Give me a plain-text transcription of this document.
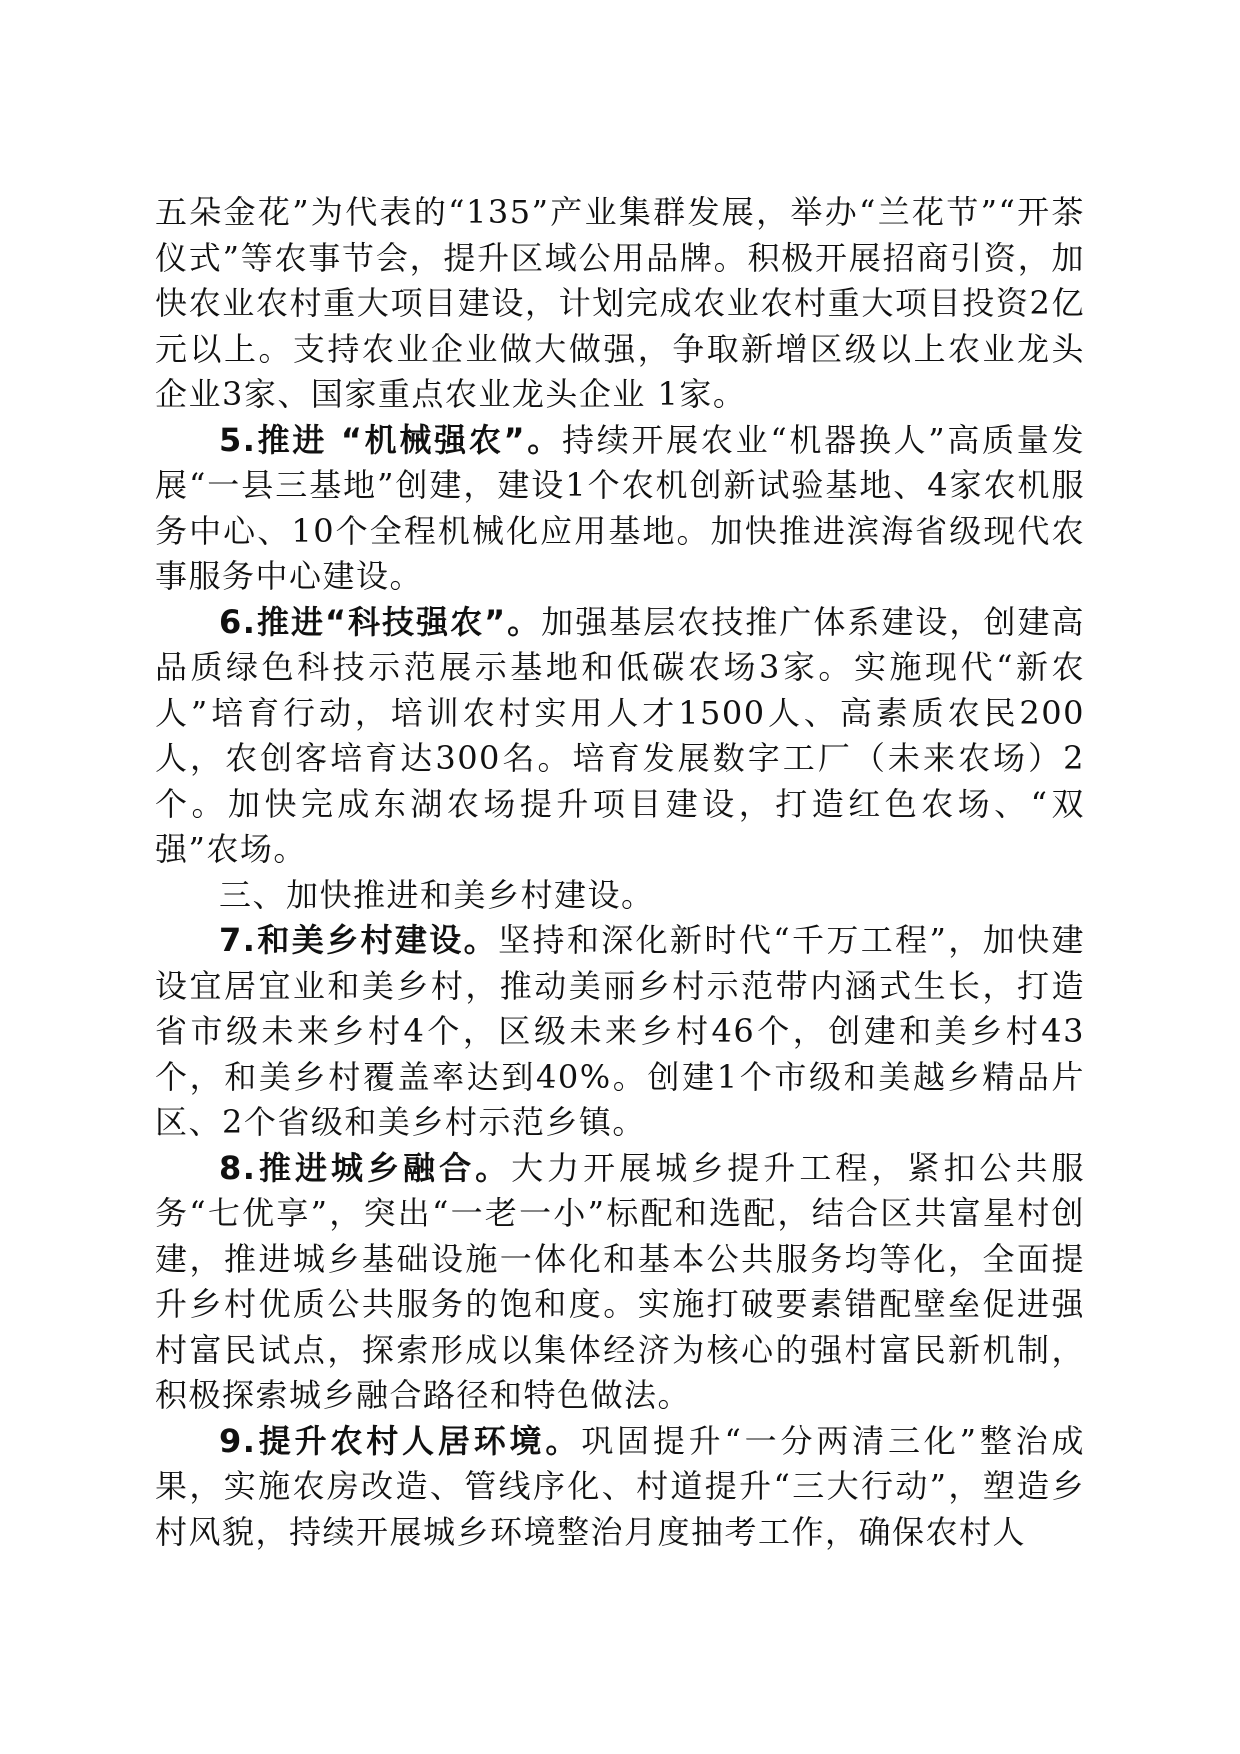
五朵金花”为代表的“135”产业集群发展，举办“兰花节”“开茶仪式”等农事节会，提升区域公用品牌。积极开展招商引资，加快农业农村重大项目建设，计划完成农业农村重大项目投资2亿元以上。支持农业企业做大做强，争取新增区级以上农业龙头企业3家、国家重点农业龙头企业 1家。

5.推进 “机械强农”。持续开展农业“机器换人”高质量发展“一县三基地”创建，建设1个农机创新试验基地、4家农机服务中心、10个全程机械化应用基地。加快推进滨海省级现代农事服务中心建设。

6.推进“科技强农”。加强基层农技推广体系建设，创建高品质绿色科技示范展示基地和低碳农场3家。实施现代“新农人”培育行动，培训农村实用人才1500人、高素质农民200人，农创客培育达300名。培育发展数字工厂（未来农场）2个。加快完成东湖农场提升项目建设，打造红色农场、“双强”农场。

三、加快推进和美乡村建设。

7.和美乡村建设。坚持和深化新时代“千万工程”，加快建设宜居宜业和美乡村，推动美丽乡村示范带内涵式生长，打造省市级未来乡村4个，区级未来乡村46个，创建和美乡村43个，和美乡村覆盖率达到40%。创建1个市级和美越乡精品片区、2个省级和美乡村示范乡镇。

8.推进城乡融合。大力开展城乡提升工程，紧扣公共服务“七优享”，突出“一老一小”标配和选配，结合区共富星村创建，推进城乡基础设施一体化和基本公共服务均等化，全面提升乡村优质公共服务的饱和度。实施打破要素错配壁垒促进强村富民试点，探索形成以集体经济为核心的强村富民新机制，积极探索城乡融合路径和特色做法。

9.提升农村人居环境。巩固提升“一分两清三化”整治成果，实施农房改造、管线序化、村道提升“三大行动”，塑造乡村风貌，持续开展城乡环境整治月度抽考工作，确保农村人
